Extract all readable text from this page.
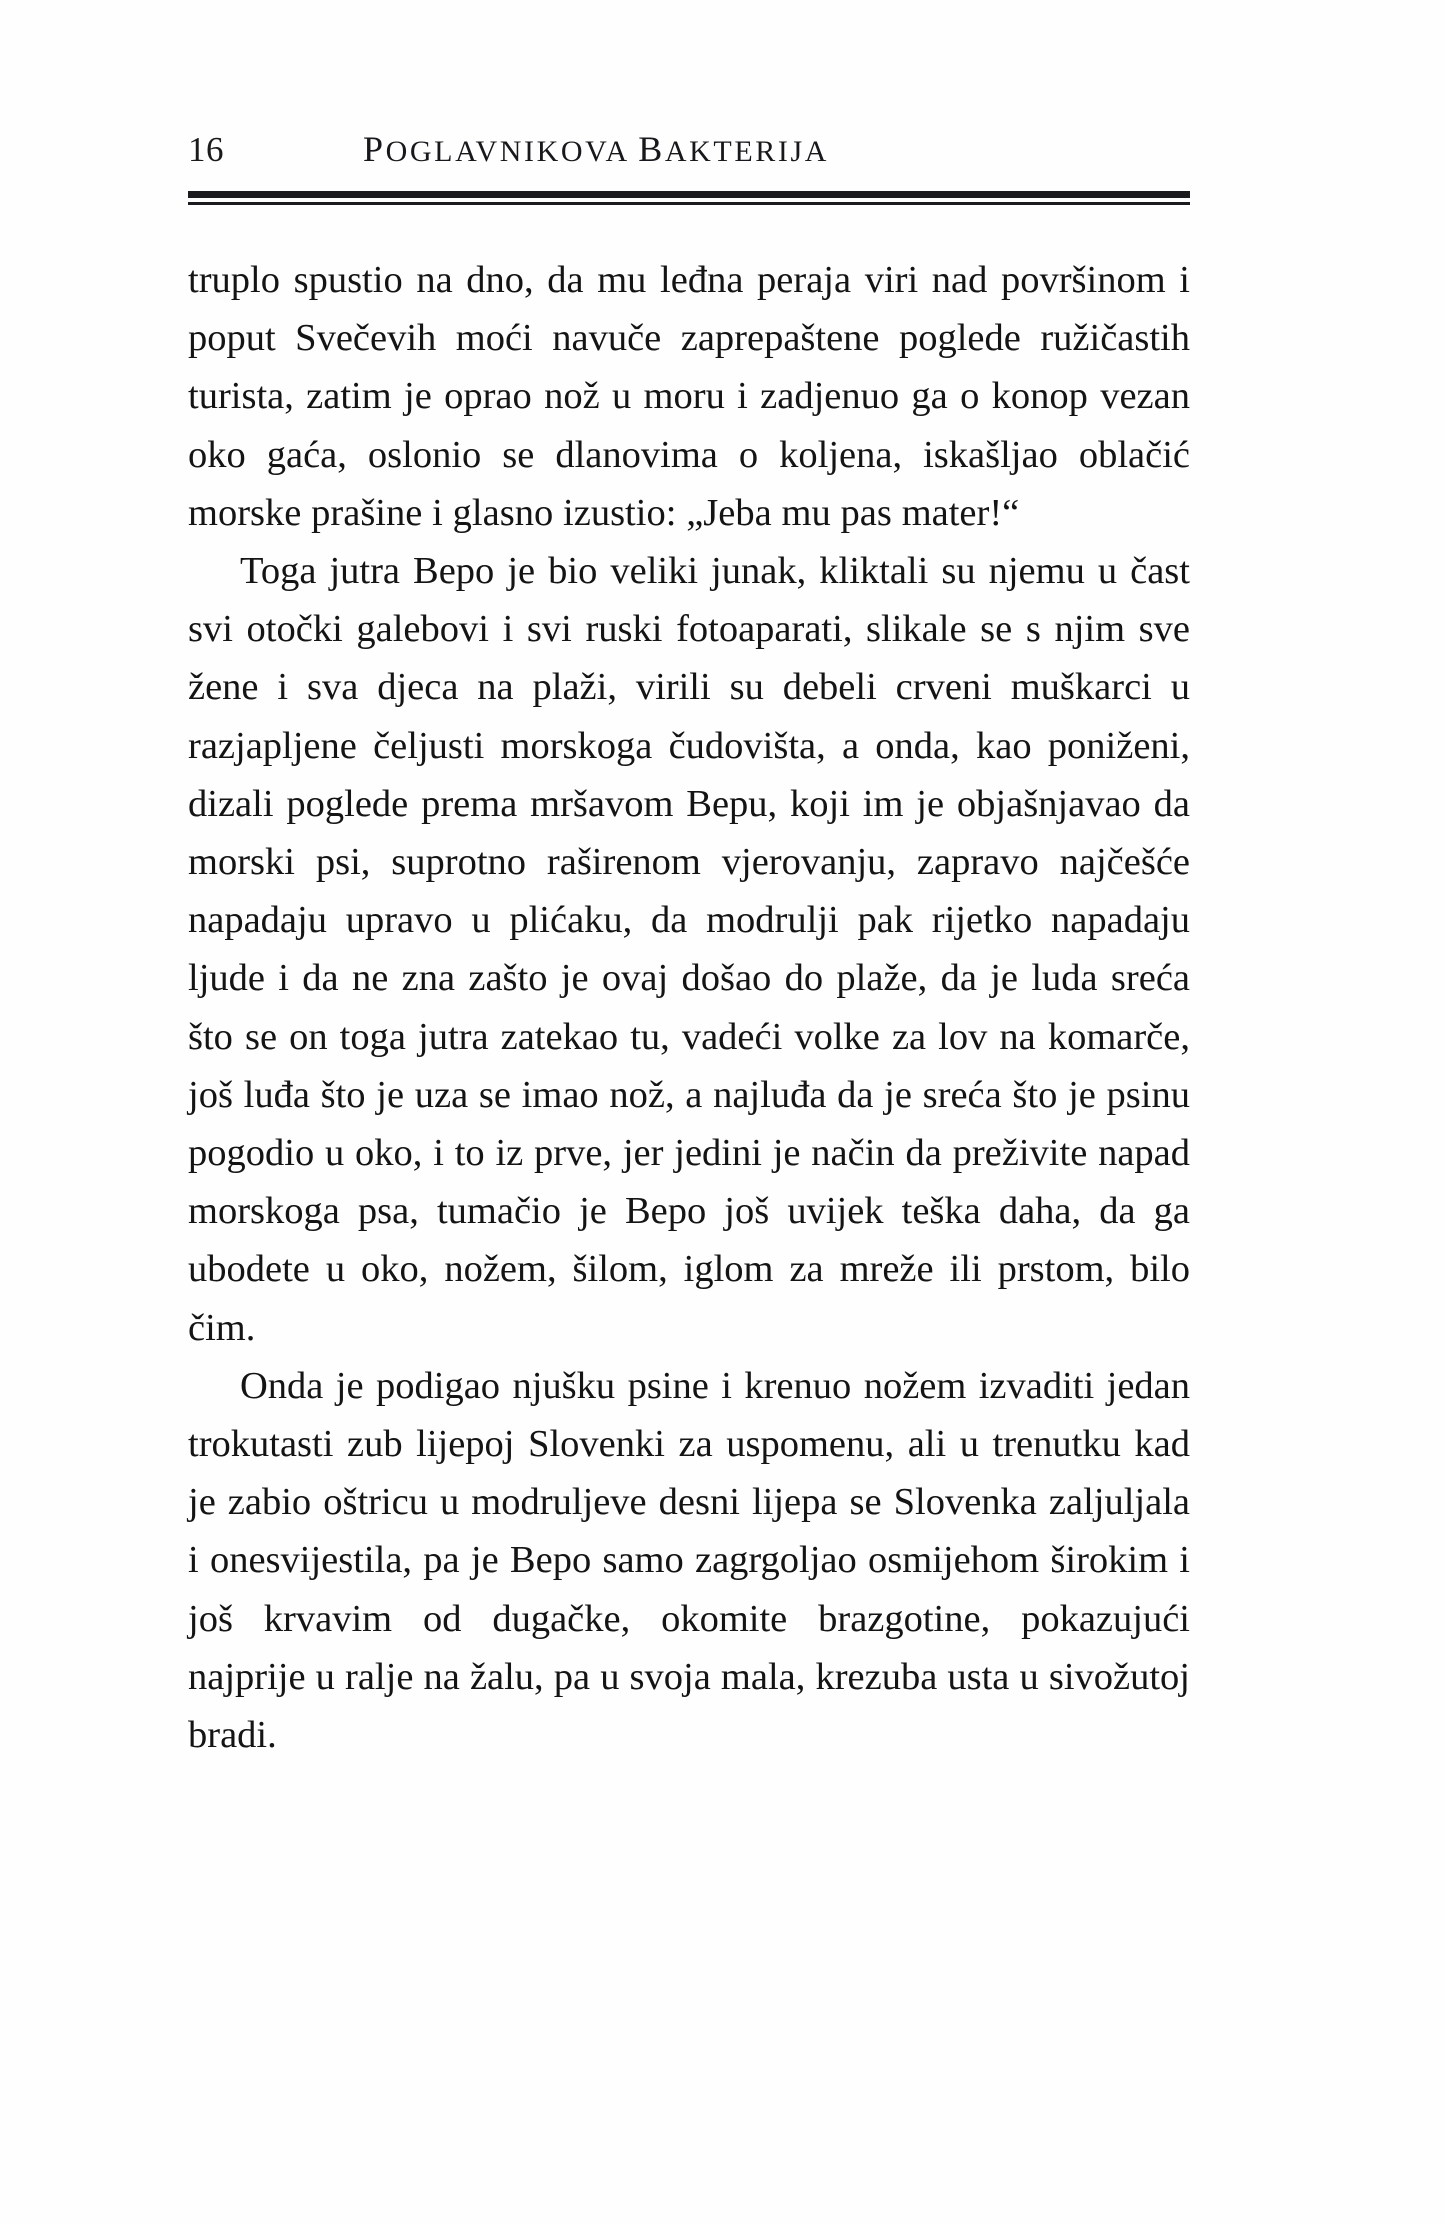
16	POGLAVNIKOVA BAKTERIJA

truplo spustio na dno, da mu leđna peraja viri nad površinom i poput Svečevih moći navuče zaprepaštene poglede ružičastih turista, zatim je oprao nož u moru i zadjenuo ga o konop vezan oko gaća, oslonio se dlanovima o koljena, iskašljao oblačić morske prašine i glasno izustio: „Jeba mu pas mater!“

Toga jutra Bepo je bio veliki junak, kliktali su njemu u čast svi otočki galebovi i svi ruski fotoaparati, slikale se s njim sve žene i sva djeca na plaži, virili su debeli crveni muškarci u razjapljene čeljusti morskoga čudovišta, a onda, kao poniženi, dizali poglede prema mršavom Bepu, koji im je objašnjavao da morski psi, suprotno raširenom vjerovanju, zapravo najčešće napadaju upravo u plićaku, da modrulji pak rijetko napadaju ljude i da ne zna zašto je ovaj došao do plaže, da je luda sreća što se on toga jutra zatekao tu, vadeći volke za lov na komarče, još luđa što je uza se imao nož, a najluđa da je sreća što je psinu pogodio u oko, i to iz prve, jer jedini je način da preživite napad morskoga psa, tumačio je Bepo još uvijek teška daha, da ga ubodete u oko, nožem, šilom, iglom za mreže ili prstom, bilo čim.

Onda je podigao njušku psine i krenuo nožem izvaditi jedan trokutasti zub lijepoj Slovenki za uspomenu, ali u trenutku kad je zabio oštricu u modruljeve desni lijepa se Slovenka zaljuljala i onesvijestila, pa je Bepo samo zagrgoljao osmijehom širokim i još krvavim od dugačke, okomite brazgotine, pokazujući najprije u ralje na žalu, pa u svoja mala, krezuba usta u sivožutoj bradi.
